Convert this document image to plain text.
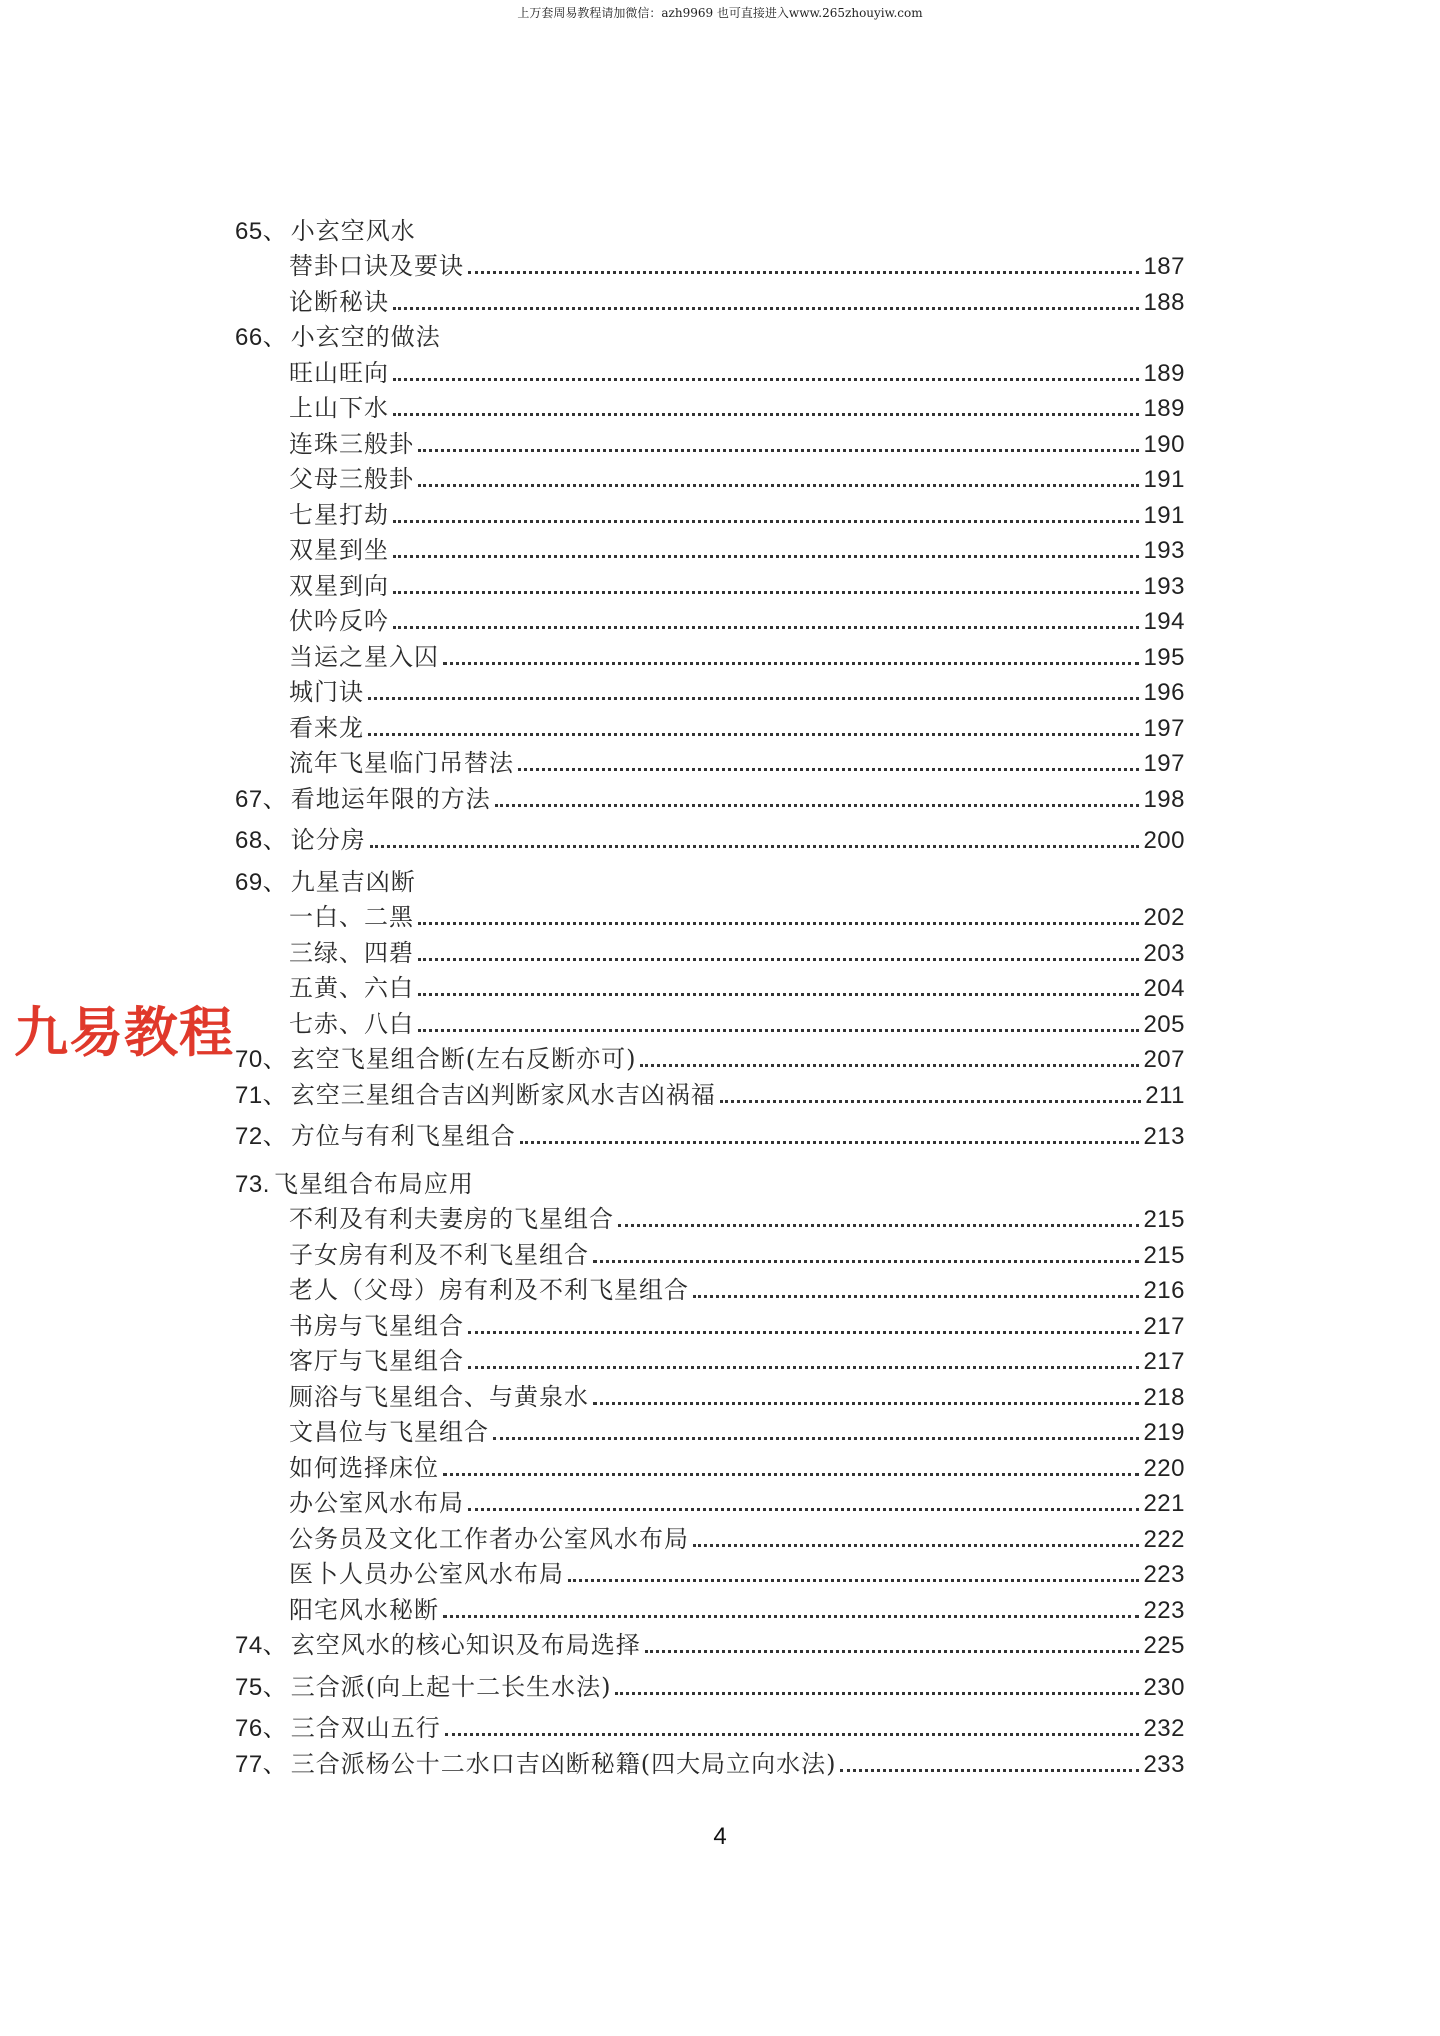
上万套周易教程请加微信：azh9969 也可直接进入www.265zhouyiw.com
65、 小玄空风水
替卦口诀及要诀	187
论断秘诀	188
66、 小玄空的做法
旺山旺向	189
上山下水	189
连珠三般卦	190
父母三般卦	191
七星打劫	191
双星到坐	193
双星到向	193
伏吟反吟	194
当运之星入囚	195
城门诀	196
看来龙	197
流年飞星临门吊替法	197
67、 看地运年限的方法	198
68、 论分房	200
69、 九星吉凶断
一白、二黑	202
三绿、四碧	203
五黄、六白	204
七赤、八白	205
70、 玄空飞星组合断(左右反断亦可)	207
71、 玄空三星组合吉凶判断家风水吉凶祸福	211
72、 方位与有利飞星组合	213
73. 飞星组合布局应用
不利及有利夫妻房的飞星组合	215
子女房有利及不利飞星组合	215
老人（父母）房有利及不利飞星组合	216
书房与飞星组合	217
客厅与飞星组合	217
厕浴与飞星组合、与黄泉水	218
文昌位与飞星组合	219
如何选择床位	220
办公室风水布局	221
公务员及文化工作者办公室风水布局	222
医卜人员办公室风水布局	223
阳宅风水秘断	223
74、 玄空风水的核心知识及布局选择	225
75、 三合派(向上起十二长生水法)	230
76、 三合双山五行	232
77、 三合派杨公十二水口吉凶断秘籍(四大局立向水法)	233
九易教程
4
